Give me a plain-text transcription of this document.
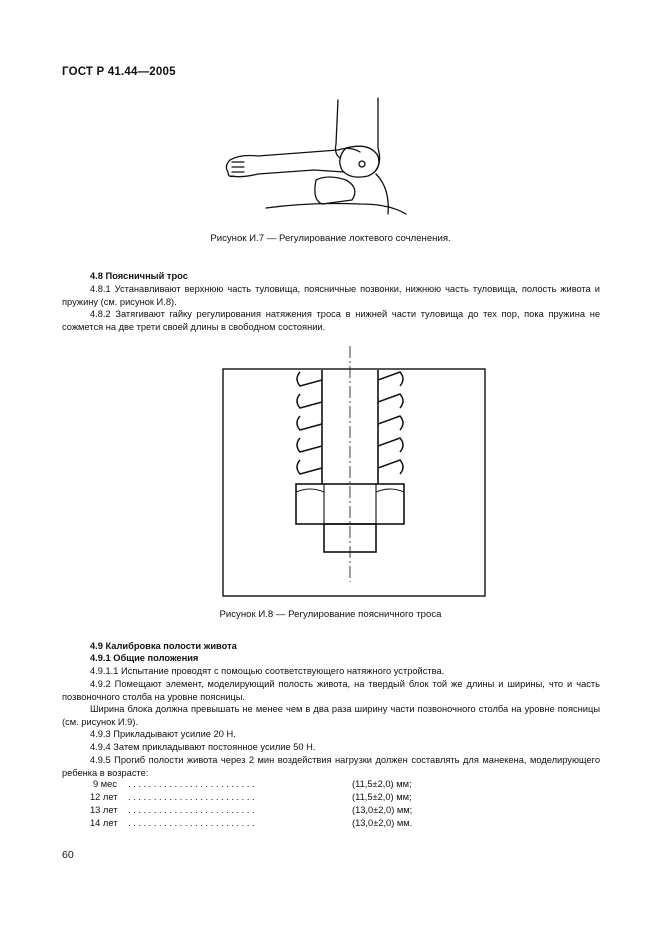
ГОСТ Р 41.44—2005
Рисунок И.7 — Регулирование локтевого сочленения.
4.8 Поясничный трос
4.8.1 Устанавливают верхнюю часть туловища, поясничные позвонки, нижнюю часть туловища, полость живота и пружину (см. рисунок И.8).
4.8.2 Затягивают гайку регулирования натяжения троса в нижней части туловища до тех пор, пока пружина не сожмется на две трети своей длины в свободном состоянии.
Рисунок И.8 — Регулирование поясничного троса
4.9 Калибровка полости живота
4.9.1 Общие положения
4.9.1.1 Испытание проводят с помощью соответствующего натяжного устройства.
4.9.2 Помещают элемент, моделирующий полость живота, на твердый блок той же длины и ширины, что и часть позвоночного столба на уровне поясницы.
Ширина блока должна превышать не менее чем в два раза ширину части позвоночного столба на уровне поясницы (см. рисунок И.9).
4.9.3 Прикладывают усилие 20 Н.
4.9.4 Затем прикладывают постоянное усилие 50 Н.
4.9.5 Прогиб полости живота через 2 мин воздействия нагрузки должен составлять для манекена, моделирующего ребенка в возрасте:
9 мес . . . . . . . . . . . . . . . . . . . . . . . . .	(11,5±2,0) мм;
12 лет . . . . . . . . . . . . . . . . . . . . . . . . .	(11,5±2,0) мм;
13 лет . . . . . . . . . . . . . . . . . . . . . . . . .	(13,0±2,0) мм;
14 лет . . . . . . . . . . . . . . . . . . . . . . . . .	(13,0±2,0) мм.
60
